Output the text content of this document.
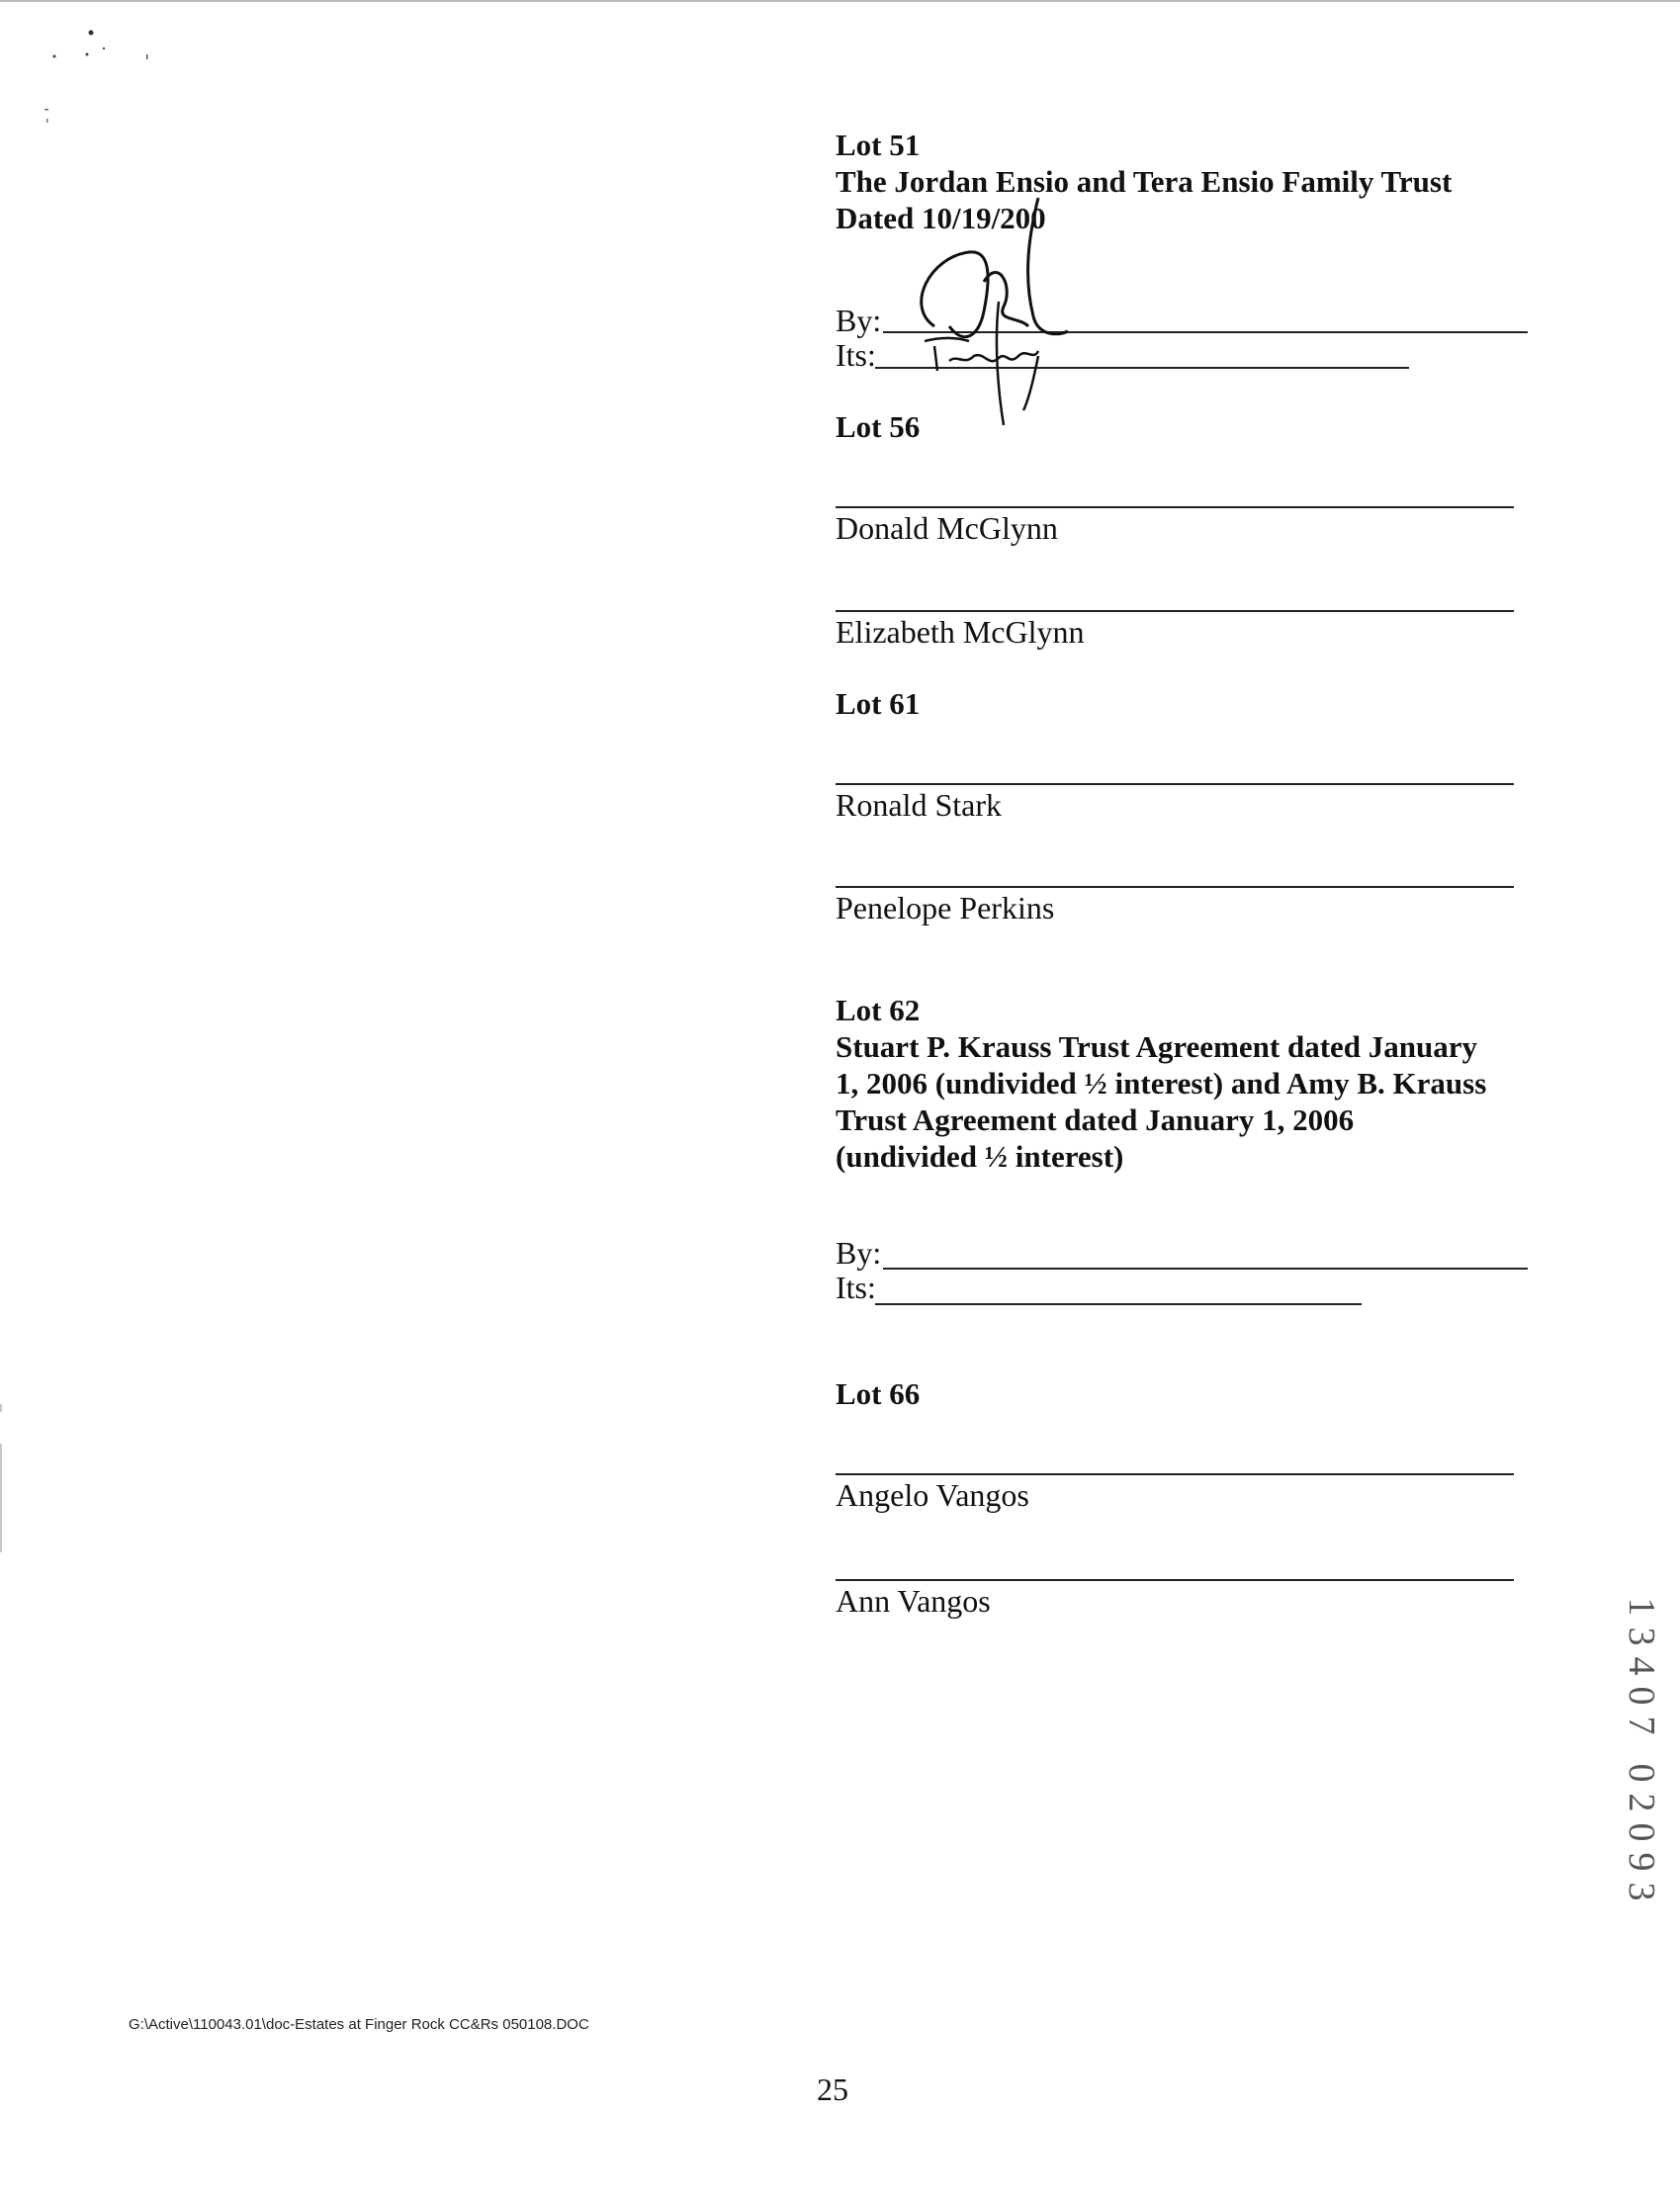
Lot 51
The Jordan Ensio and Tera Ensio Family Trust
Dated 10/19/200
By:
Its:
Lot 56
Donald McGlynn
Elizabeth McGlynn
Lot 61
Ronald Stark
Penelope Perkins
Lot 62
Stuart P. Krauss Trust Agreement dated January
1, 2006 (undivided ½ interest) and Amy B. Krauss
Trust Agreement dated January 1, 2006
(undivided ½ interest)
By:
Its:
Lot 66
Angelo Vangos
Ann Vangos	1
3
4
0
7

0
2
0
9
3
G:\Active\110043.01\doc-Estates at Finger Rock CC&Rs 050108.DOC
25
